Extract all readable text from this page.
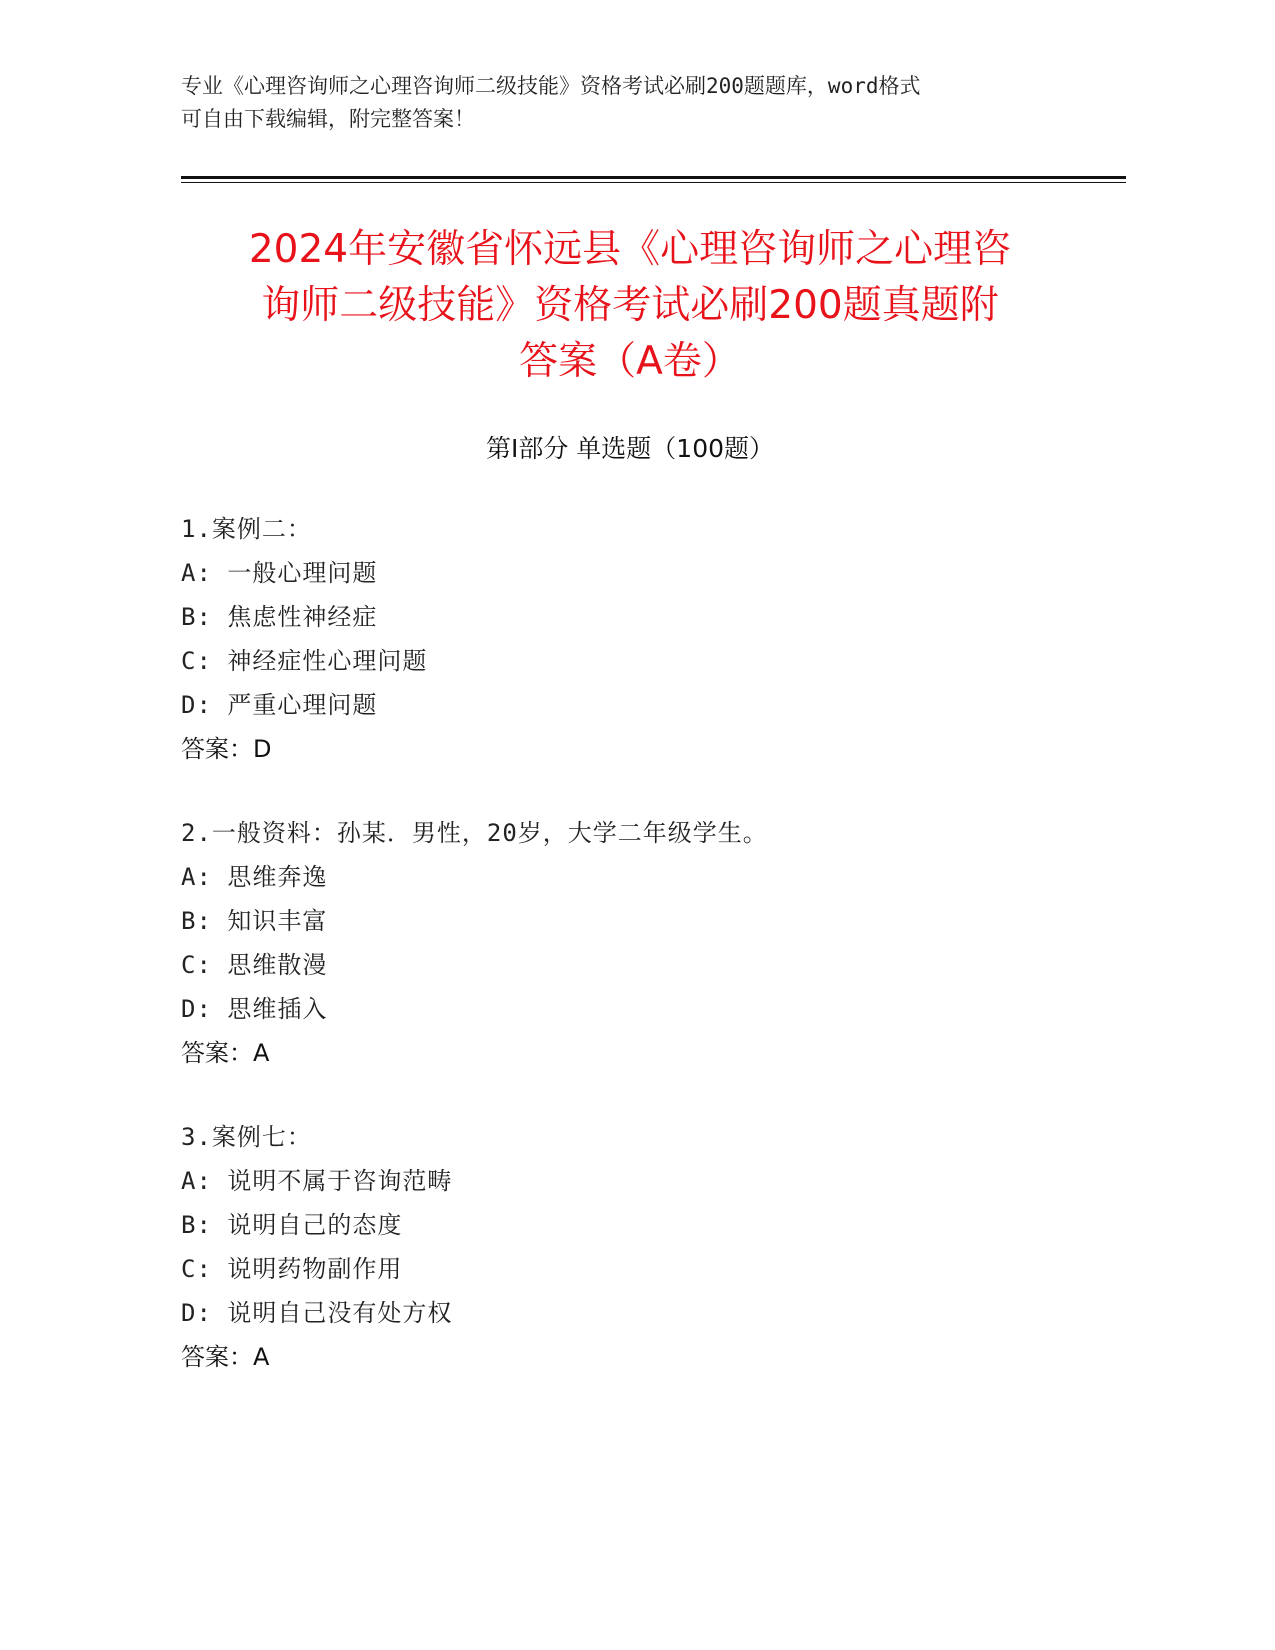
专业《心理咨询师之心理咨询师二级技能》资格考试必刷200题题库，word格式
可自由下载编辑，附完整答案！
2024年安徽省怀远县《心理咨询师之心理咨
询师二级技能》资格考试必刷200题真题附
答案（A卷）
第Ⅰ部分 单选题（100题）
1.案例二：
A: 一般心理问题
B: 焦虑性神经症
C: 神经症性心理问题
D: 严重心理问题
答案：D
2.一般资料：孙某．男性，20岁，大学二年级学生。
A: 思维奔逸
B: 知识丰富
C: 思维散漫
D: 思维插入
答案：A
3.案例七：
A: 说明不属于咨询范畴
B: 说明自己的态度
C: 说明药物副作用
D: 说明自己没有处方权
答案：A
